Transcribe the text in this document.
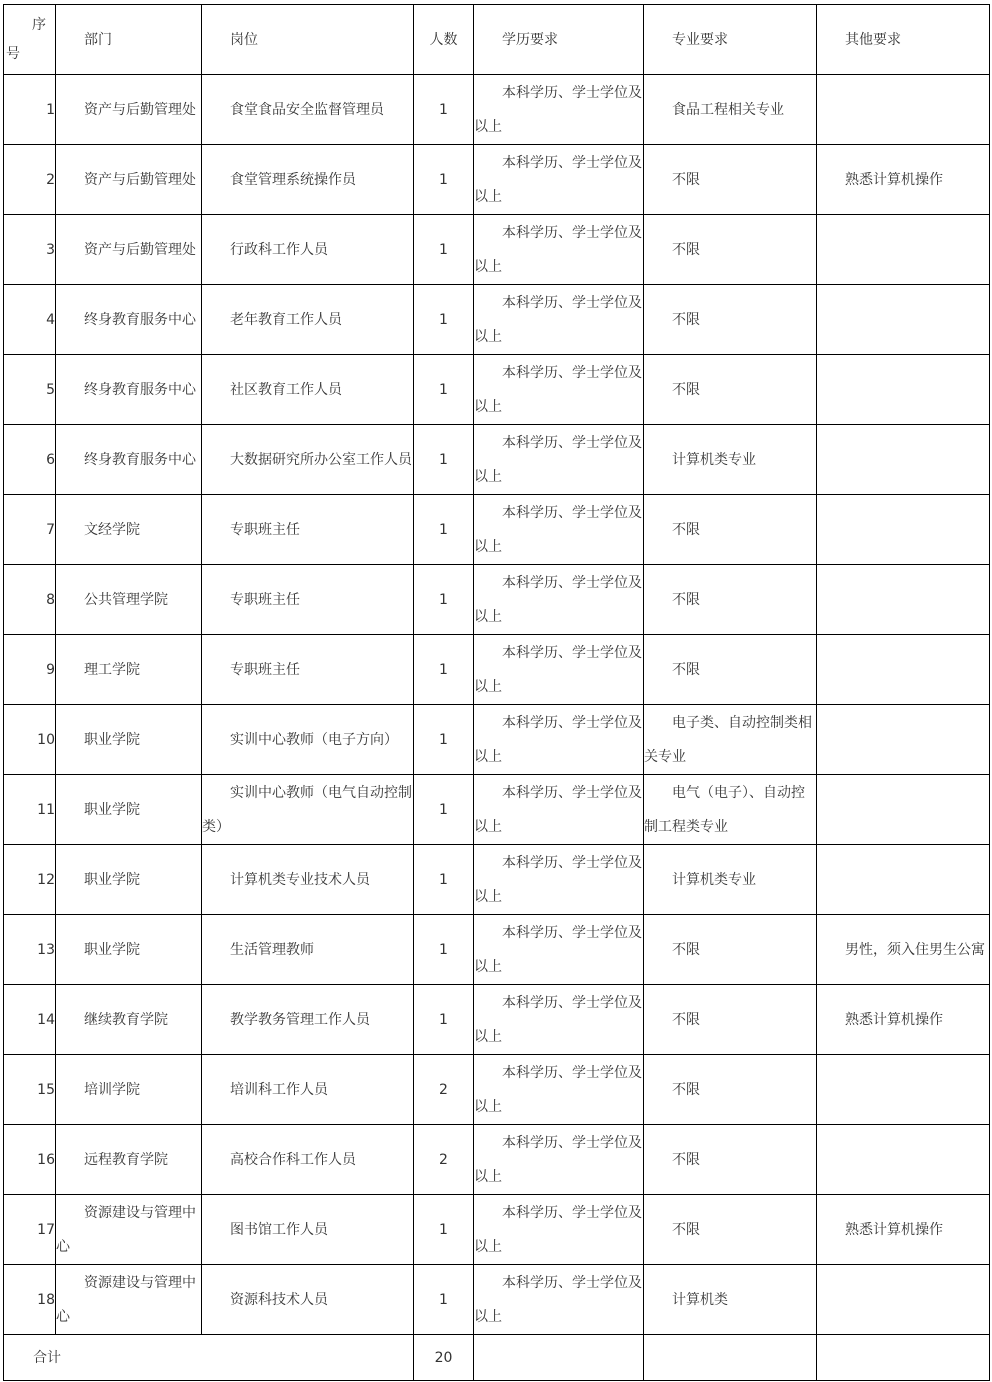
序
号	部门	岗位	人数	学历要求	专业要求	其他要求

1	资产与后勤管理处	食堂食品安全监督管理员	1	本科学历、学士学位及以上	食品工程相关专业	

2	资产与后勤管理处	食堂管理系统操作员	1	本科学历、学士学位及以上	不限	熟悉计算机操作

3	资产与后勤管理处	行政科工作人员	1	本科学历、学士学位及以上	不限	

4	终身教育服务中心	老年教育工作人员	1	本科学历、学士学位及以上	不限	

5	终身教育服务中心	社区教育工作人员	1	本科学历、学士学位及以上	不限	

6	终身教育服务中心	大数据研究所办公室工作人员	1	本科学历、学士学位及以上	计算机类专业	

7	文经学院	专职班主任	1	本科学历、学士学位及以上	不限	

8	公共管理学院	专职班主任	1	本科学历、学士学位及以上	不限	

9	理工学院	专职班主任	1	本科学历、学士学位及以上	不限	

10	职业学院	实训中心教师（电子方向）	1	本科学历、学士学位及以上	电子类、自动控制类相关专业	

11	职业学院	实训中心教师（电气自动控制类）	1	本科学历、学士学位及以上	电气（电子）、自动控制工程类专业	

12	职业学院	计算机类专业技术人员	1	本科学历、学士学位及以上	计算机类专业	

13	职业学院	生活管理教师	1	本科学历、学士学位及以上	不限	男性，须入住男生公寓

14	继续教育学院	教学教务管理工作人员	1	本科学历、学士学位及以上	不限	熟悉计算机操作

15	培训学院	培训科工作人员	2	本科学历、学士学位及以上	不限	

16	远程教育学院	高校合作科工作人员	2	本科学历、学士学位及以上	不限	

17	资源建设与管理中心	图书馆工作人员	1	本科学历、学士学位及以上	不限	熟悉计算机操作

18	资源建设与管理中心	资源科技术人员	1	本科学历、学士学位及以上	计算机类	

合计			20			
